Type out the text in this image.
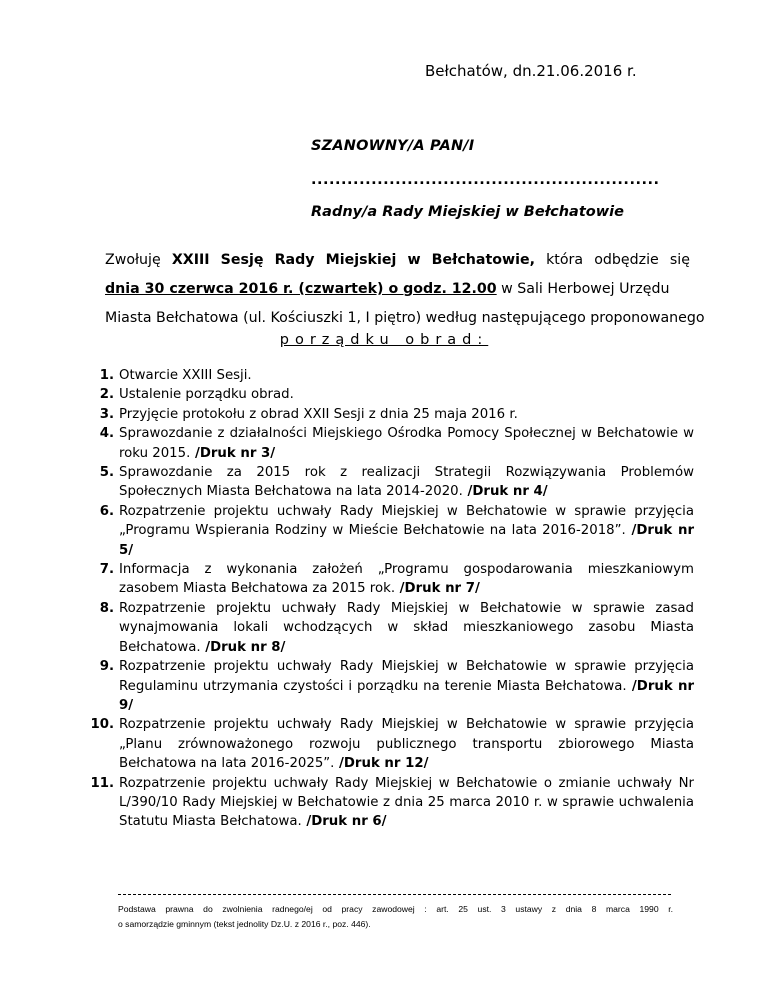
Bełchatów, dn.21.06.2016 r.
SZANOWNY/A PAN/I
..........................................................
Radny/a Rady Miejskiej w Bełchatowie
Zwołuję XXIII Sesję Rady Miejskiej w Bełchatowie, która odbędzie się
dnia 30 czerwca 2016 r. (czwartek) o godz. 12.00 w Sali Herbowej Urzędu
Miasta Bełchatowa (ul. Kościuszki 1, I piętro) według następującego proponowanego
porządku obrad:
1. Otwarcie XXIII Sesji.
2. Ustalenie porządku obrad.
3. Przyjęcie protokołu z obrad XXII Sesji z dnia 25 maja 2016 r.
4. Sprawozdanie z działalności Miejskiego Ośrodka Pomocy Społecznej w Bełchatowie w roku 2015. /Druk nr 3/
5. Sprawozdanie za 2015 rok z realizacji Strategii Rozwiązywania Problemów Społecznych Miasta Bełchatowa na lata 2014-2020. /Druk nr 4/
6. Rozpatrzenie projektu uchwały Rady Miejskiej w Bełchatowie w sprawie przyjęcia „Programu Wspierania Rodziny w Mieście Bełchatowie na lata 2016-2018”. /Druk nr 5/
7. Informacja z wykonania założeń „Programu gospodarowania mieszkaniowym zasobem Miasta Bełchatowa za 2015 rok. /Druk nr 7/
8. Rozpatrzenie projektu uchwały Rady Miejskiej w Bełchatowie w sprawie zasad wynajmowania lokali wchodzących w skład mieszkaniowego zasobu Miasta Bełchatowa. /Druk nr 8/
9. Rozpatrzenie projektu uchwały Rady Miejskiej w Bełchatowie w sprawie przyjęcia Regulaminu utrzymania czystości i porządku na terenie Miasta Bełchatowa. /Druk nr 9/
10. Rozpatrzenie projektu uchwały Rady Miejskiej w Bełchatowie w sprawie przyjęcia „Planu zrównoważonego rozwoju publicznego transportu zbiorowego Miasta Bełchatowa na lata 2016-2025”. /Druk nr 12/
11. Rozpatrzenie projektu uchwały Rady Miejskiej w Bełchatowie o zmianie uchwały Nr L/390/10 Rady Miejskiej w Bełchatowie z dnia 25 marca 2010 r. w sprawie uchwalenia Statutu Miasta Bełchatowa. /Druk nr 6/
Podstawa prawna do zwolnienia radnego/ej od pracy zawodowej : art. 25 ust. 3 ustawy z dnia 8 marca 1990 r.
o samorządzie gminnym (tekst jednolity Dz.U. z 2016 r., poz. 446).
